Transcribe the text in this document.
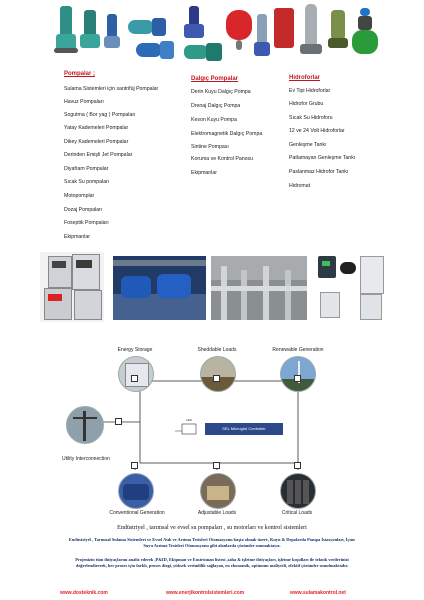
Pompalar ;
Sulama Sistemleri için santrifüj Pompalar
Havuz Pompaları
Sogutma ( Bor yag ) Pompaları
Yatay Kademeleri Pompalar
Dikey Kademeleri Pompalar
Derinden Emişli Jet Pompalar
Diyafram Pompalar
Sıcak Su pompaları
Motopomplar
Dozaj Pompaları
Foseptik Pompaları
Ekipmanlar
Dalgıç Pompalar
Derin Kuyu Dalgıç Pompa
Drenaj Dalgıç Pompa
Keson Kuyu Pompa
Elektromagnetik Dalgıç Pompa
Sintine Pompası
Koruma ve Kontrol Panosu
Ekipmanlar
Hidroforlar
Ev Tipi Hidroforlar
Hidrofor Grubu
Sıcak Su Hidroforu
12 ve 24 Volt Hidroforlar
Genleşme Tankı
Patlamayan Genleşme Tankı
Paslanmaz Hidrofor Tankı
Hidromat
HMI
SEL Microgrid Controller
Energy Storage	Sheddable Loads	Renewable Generation
Utility Interconnection
Conventional Generation	Adjustable Loads	Critical Loads
Endüstriyel , tarımsal ve evsel su pompaları , su motorları ve kontrol sistemleri
Endüstriyel , Tarımsal Sulama Sistemleri ve Evsel Atık ve Arıtma Tesisleri Otomasyonu başta olmak üzere, Kuyu & Depolarda Pompa İstasyonları, İçme Suyu Arıtma Tesisleri Otomasyonu gibi alanlarda çözümler sunmaktayız.
Projenizin tüm ihtiyaçlarını analiz ederek ,P&ID, Ekipman ve Enstrüman listesi ,saha & işletme ihtiyaçları, işletme koşulları ile teknik verilerinizi değerlendirerek, her proses için farklı, proses dizgi, yüksek verimlilik sağlayan, en ekonomik, optimum maliyetli, efektif çözümler sunulmaktadır.
www.dosteknik.com	www.enerjikontrolsistemleri.com	www.sulamakontrol.net
